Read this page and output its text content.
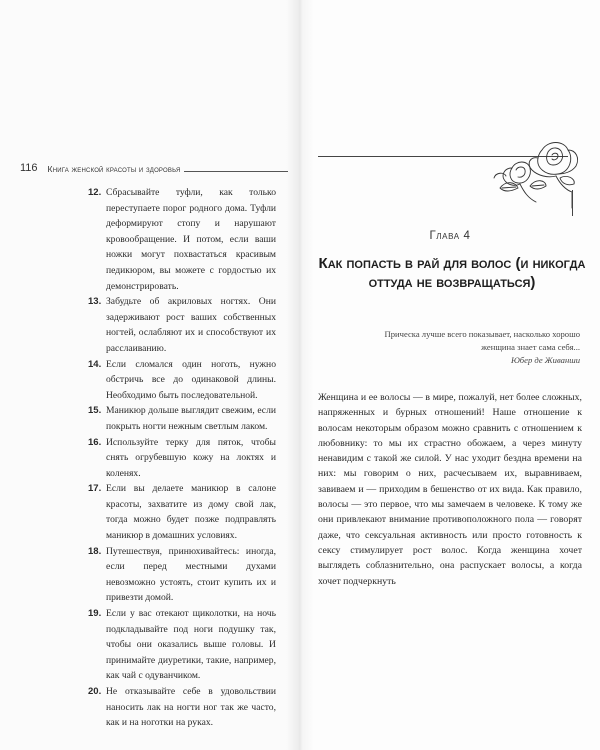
116 Книга женской красоты и здоровья
12. Сбрасывайте туфли, как только переступаете порог родного дома. Туфли деформируют стопу и нарушают кровообращение. И потом, если ваши ножки могут похвастаться красивым педикюром, вы можете с гордостью их демонстрировать.
13. Забудьте об акриловых ногтях. Они задерживают рост ваших собственных ногтей, ослабляют их и способствуют их расслаиванию.
14. Если сломался один ноготь, нужно обстричь все до одинаковой длины. Необходимо быть последовательной.
15. Маникюр дольше выглядит свежим, если покрыть ногти нежным светлым лаком.
16. Используйте терку для пяток, чтобы снять огрубевшую кожу на локтях и коленях.
17. Если вы делаете маникюр в салоне красоты, захватите из дому свой лак, тогда можно будет позже подправлять маникюр в домашних условиях.
18. Путешествуя, принюхивайтесь: иногда, если перед местными духами невозможно устоять, стоит купить их и привезти домой.
19. Если у вас отекают щиколотки, на ночь подкладывайте под ноги подушку так, чтобы они оказались выше головы. И принимайте диуретики, такие, например, как чай с одуванчиком.
20. Не отказывайте себе в удовольствии наносить лак на ногти ног так же часто, как и на ноготки на руках.
Глава 4
Как попасть в рай для волос (и никогда оттуда не возвращаться)
Прическа лучше всего показывает, насколько хорошо женщина знает сама себя...
Юбер де Живанши

Женщина и ее волосы — в мире, пожалуй, нет более сложных, напряженных и бурных отношений! Наше отношение к волосам некоторым образом можно сравнить с отношением к любовнику: то мы их страстно обожаем, а через минуту ненавидим с такой же силой. У нас уходит бездна времени на них: мы говорим о них, расчесываем их, выравниваем, завиваем и — приходим в бешенство от их вида. Как правило, волосы — это первое, что мы замечаем в человеке. К тому же они привлекают внимание противоположного пола — говорят даже, что сексуальная активность или просто готовность к сексу стимулирует рост волос. Когда женщина хочет выглядеть соблазнительно, она распускает волосы, а когда хочет подчеркнуть
